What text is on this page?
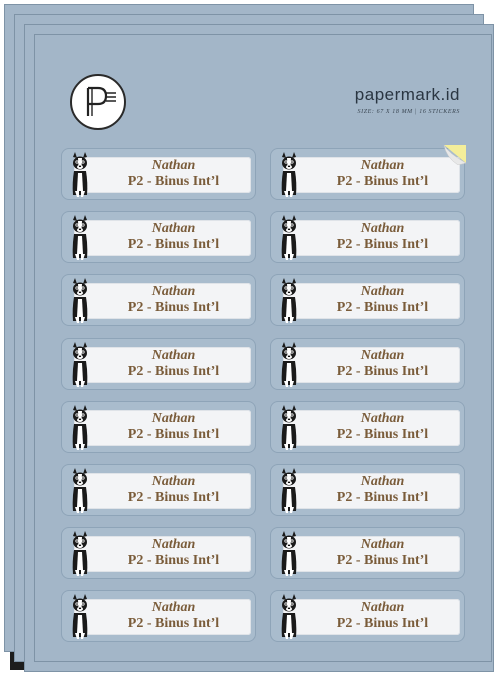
papermark.id
SIZE: 67 X 18 MM | 16 STICKERS
Nathan
P2 - Binus Int’l
Nathan
P2 - Binus Int’l
Nathan
P2 - Binus Int’l
Nathan
P2 - Binus Int’l
Nathan
P2 - Binus Int’l
Nathan
P2 - Binus Int’l
Nathan
P2 - Binus Int’l
Nathan
P2 - Binus Int’l
Nathan
P2 - Binus Int’l
Nathan
P2 - Binus Int’l
Nathan
P2 - Binus Int’l
Nathan
P2 - Binus Int’l
Nathan
P2 - Binus Int’l
Nathan
P2 - Binus Int’l
Nathan
P2 - Binus Int’l
Nathan
P2 - Binus Int’l
